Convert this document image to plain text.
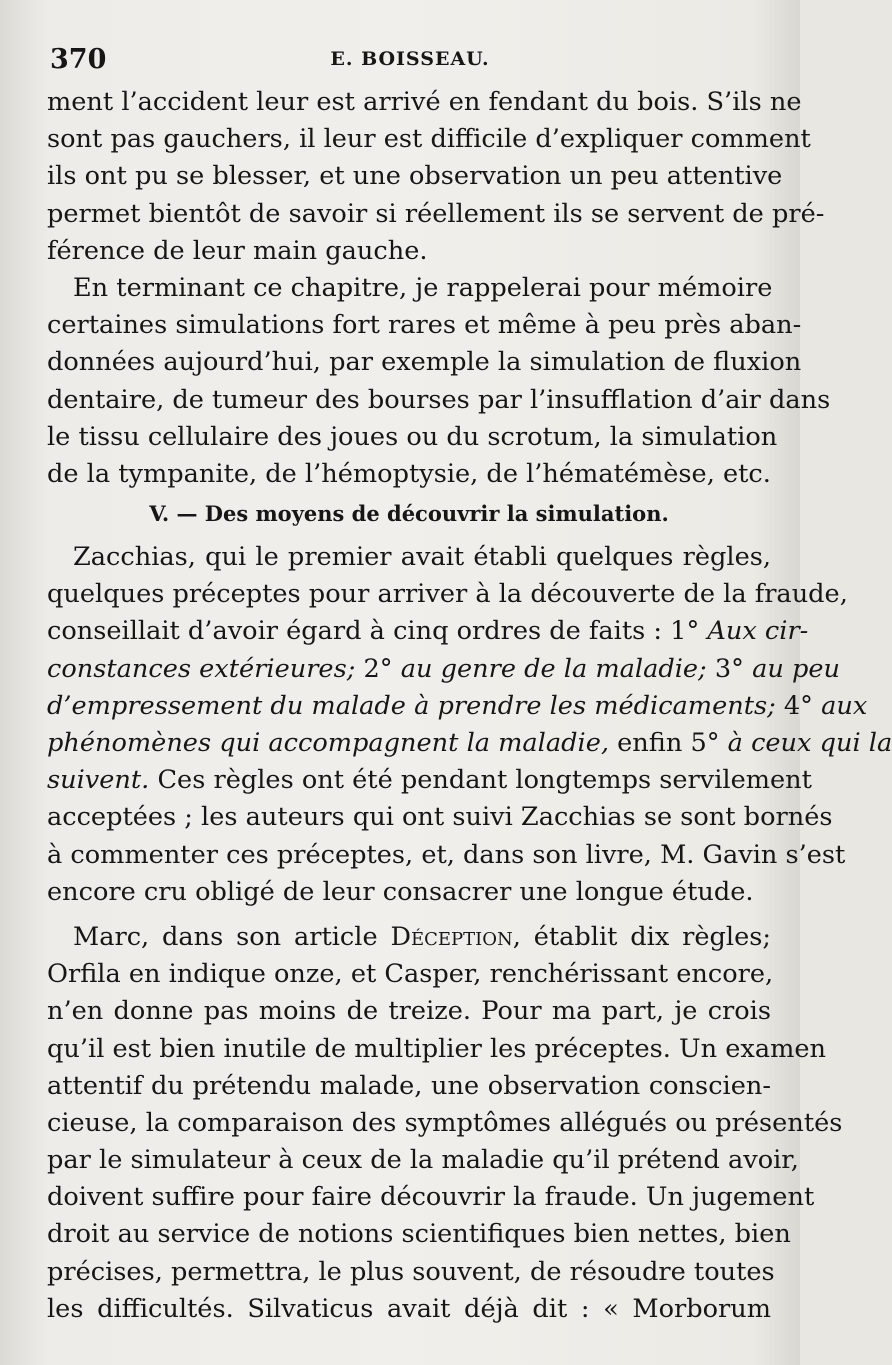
370	E. BOISSEAU.
ment l’accident leur est arrivé en fendant du bois. S’ils ne
sont pas gauchers, il leur est difficile d’expliquer comment
ils ont pu se blesser, et une observation un peu attentive
permet bientôt de savoir si réellement ils se servent de pré-
férence de leur main gauche.
En terminant ce chapitre, je rappelerai pour mémoire
certaines simulations fort rares et même à peu près aban-
données aujourd’hui, par exemple la simulation de fluxion
dentaire, de tumeur des bourses par l’insufflation d’air dans
le tissu cellulaire des joues ou du scrotum, la simulation
de la tympanite, de l’hémoptysie, de l’hématémèse, etc.
V. — Des moyens de découvrir la simulation.
Zacchias, qui le premier avait établi quelques règles,
quelques préceptes pour arriver à la découverte de la fraude,
conseillait d’avoir égard à cinq ordres de faits : 1° Aux cir-
constances extérieures; 2° au genre de la maladie; 3° au peu
d’empressement du malade à prendre les médicaments; 4° aux
phénomènes qui accompagnent la maladie, enfin 5° à ceux qui la
suivent. Ces règles ont été pendant longtemps servilement
acceptées ; les auteurs qui ont suivi Zacchias se sont bornés
à commenter ces préceptes, et, dans son livre, M. Gavin s’est
encore cru obligé de leur consacrer une longue étude.
Marc, dans son article Déception, établit dix règles;
Orfila en indique onze, et Casper, renchérissant encore,
n’en donne pas moins de treize. Pour ma part, je crois
qu’il est bien inutile de multiplier les préceptes. Un examen
attentif du prétendu malade, une observation conscien-
cieuse, la comparaison des symptômes allégués ou présentés
par le simulateur à ceux de la maladie qu’il prétend avoir,
doivent suffire pour faire découvrir la fraude. Un jugement
droit au service de notions scientifiques bien nettes, bien
précises, permettra, le plus souvent, de résoudre toutes
les difficultés. Silvaticus avait déjà dit : « Morborum
